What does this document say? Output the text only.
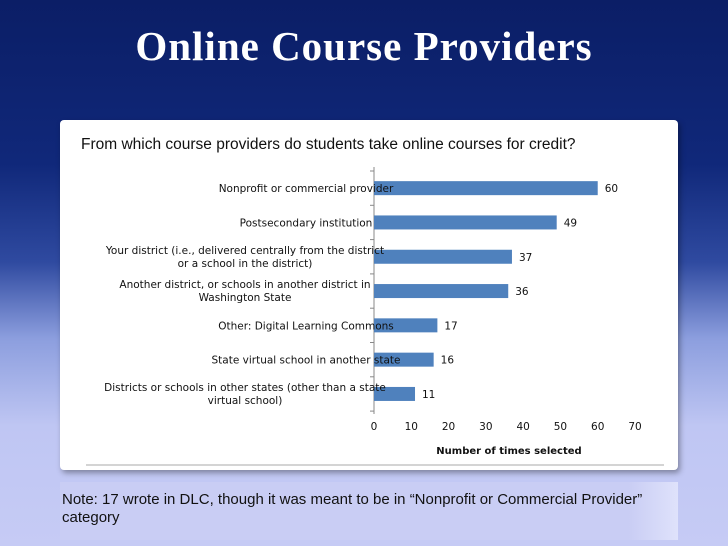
Online Course Providers
From which course providers do students take online courses for credit?
60
Nonprofit or commercial provider
49
Postsecondary institution
37
Your district (i.e., delivered centrally from the district or a school in the district)
36
Another district, or schools in another district in Washington State
17
Other: Digital Learning Commons
16
State virtual school in another state
11
Districts or schools in other states (other than a state virtual school)
0	10 20 30 40 50 60 70
Number of times selected
Note: 17 wrote in DLC, though it was meant to be in “Nonprofit or Commercial Provider” category
